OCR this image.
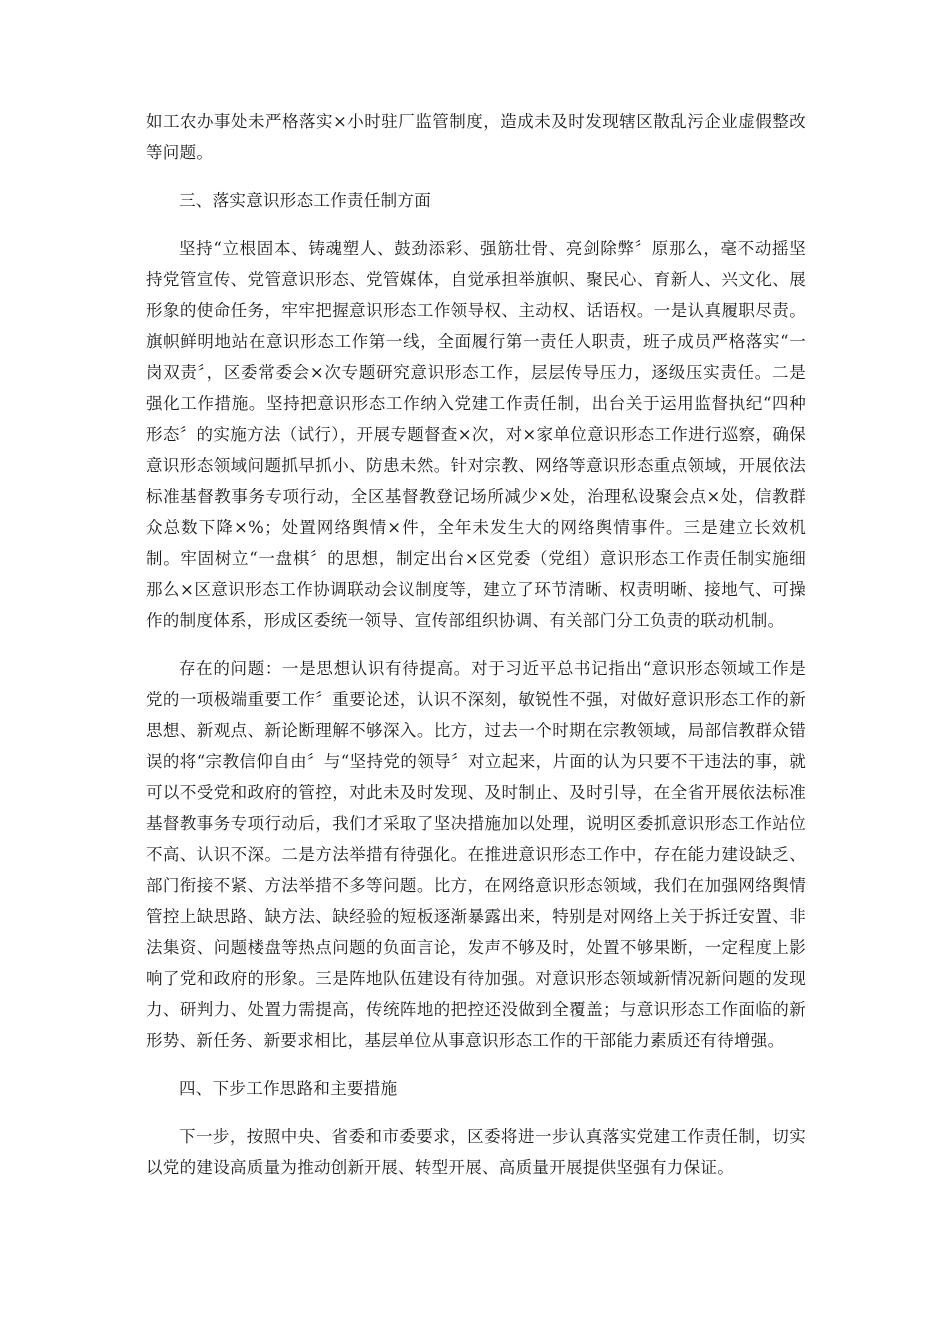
如工农办事处未严格落实×小时驻厂监管制度，造成未及时发现辖区散乱污企业虚假整改等问题。

三、落实意识形态工作责任制方面

坚持“立根固本、铸魂塑人、鼓劲添彩、强筋壮骨、亮剑除弊〞原那么，毫不动摇坚持党管宣传、党管意识形态、党管媒体，自觉承担举旗帜、聚民心、育新人、兴文化、展形象的使命任务，牢牢把握意识形态工作领导权、主动权、话语权。一是认真履职尽责。旗帜鲜明地站在意识形态工作第一线，全面履行第一责任人职责，班子成员严格落实“一岗双责〞，区委常委会×次专题研究意识形态工作，层层传导压力，逐级压实责任。二是强化工作措施。坚持把意识形态工作纳入党建工作责任制，出台关于运用监督执纪“四种形态〞的实施方法（试行），开展专题督查×次，对×家单位意识形态工作进行巡察，确保意识形态领域问题抓早抓小、防患未然。针对宗教、网络等意识形态重点领域，开展依法标准基督教事务专项行动，全区基督教登记场所减少×处，治理私设聚会点×处，信教群众总数下降×%；处置网络舆情×件，全年未发生大的网络舆情事件。三是建立长效机制。牢固树立“一盘棋〞的思想，制定出台×区党委（党组）意识形态工作责任制实施细那么×区意识形态工作协调联动会议制度等，建立了环节清晰、权责明晰、接地气、可操作的制度体系，形成区委统一领导、宣传部组织协调、有关部门分工负责的联动机制。

存在的问题：一是思想认识有待提高。对于习近平总书记指出“意识形态领域工作是党的一项极端重要工作〞重要论述，认识不深刻，敏锐性不强，对做好意识形态工作的新思想、新观点、新论断理解不够深入。比方，过去一个时期在宗教领域，局部信教群众错误的将“宗教信仰自由〞与“坚持党的领导〞对立起来，片面的认为只要不干违法的事，就可以不受党和政府的管控，对此未及时发现、及时制止、及时引导，在全省开展依法标准基督教事务专项行动后，我们才采取了坚决措施加以处理，说明区委抓意识形态工作站位不高、认识不深。二是方法举措有待强化。在推进意识形态工作中，存在能力建设缺乏、部门衔接不紧、方法举措不多等问题。比方，在网络意识形态领域，我们在加强网络舆情管控上缺思路、缺方法、缺经验的短板逐渐暴露出来，特别是对网络上关于拆迁安置、非法集资、问题楼盘等热点问题的负面言论，发声不够及时，处置不够果断，一定程度上影响了党和政府的形象。三是阵地队伍建设有待加强。对意识形态领域新情况新问题的发现力、研判力、处置力需提高，传统阵地的把控还没做到全覆盖；与意识形态工作面临的新形势、新任务、新要求相比，基层单位从事意识形态工作的干部能力素质还有待增强。

四、下步工作思路和主要措施

下一步，按照中央、省委和市委要求，区委将进一步认真落实党建工作责任制，切实以党的建设高质量为推动创新开展、转型开展、高质量开展提供坚强有力保证。
